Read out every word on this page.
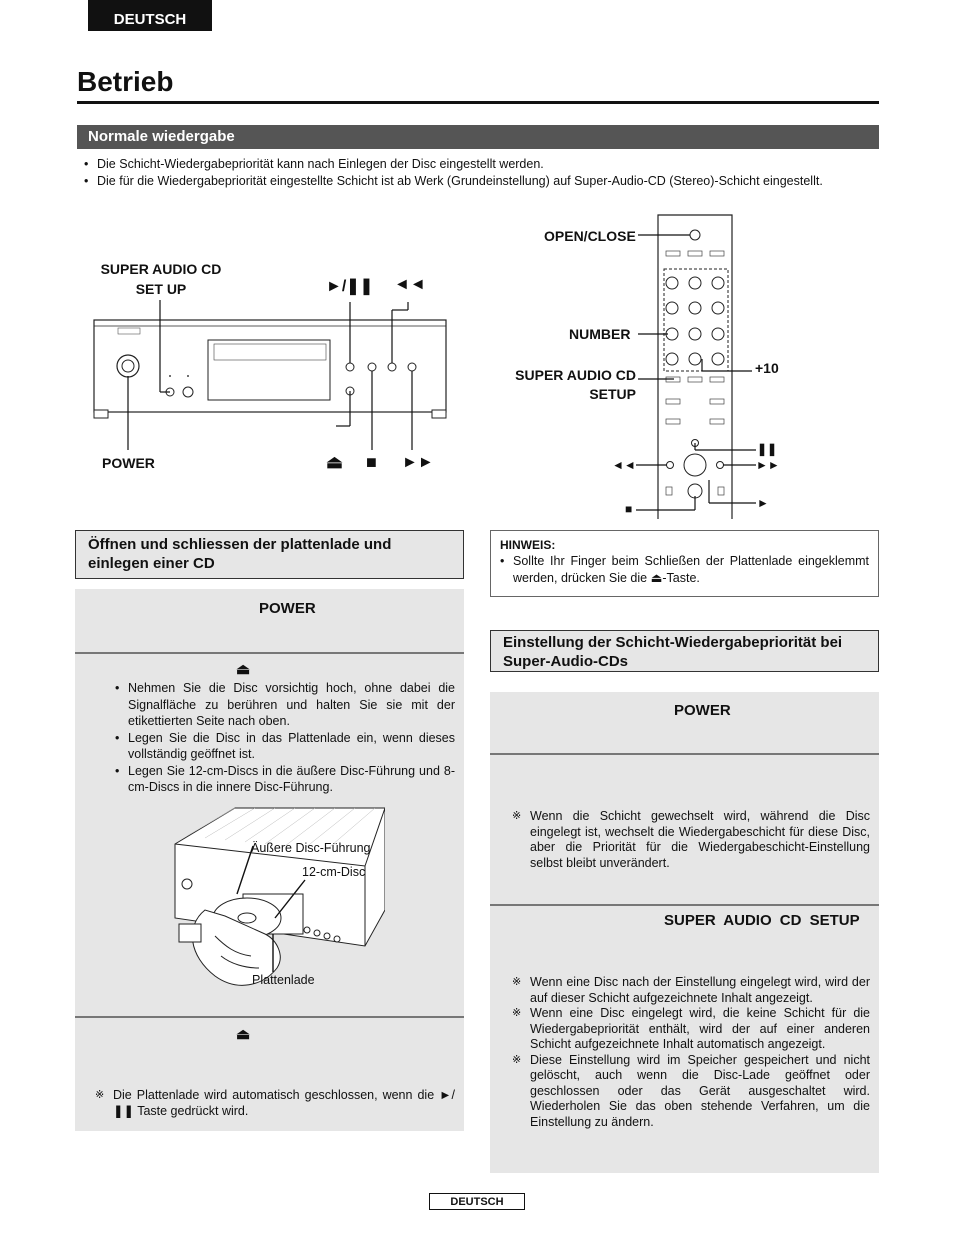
DEUTSCH
Betrieb
Normale wiedergabe
• Die Schicht-Wiedergabepriorität kann nach Einlegen der Disc eingestellt werden.
• Die für die Wiedergabepriorität eingestellte Schicht ist ab Werk (Grundeinstellung) auf Super-Audio-CD (Stereo)-Schicht eingestellt.
SUPER AUDIO CD
SET UP	►/❚❚ ◄◄
POWER	⏏ ■ ►►
OPEN/CLOSE
NUMBER
SUPER AUDIO CD
SETUP
+10
❚❚
◄◄	►►
■	►
Öffnen und schliessen der plattenlade und einlegen einer CD
POWER
⏏
• Nehmen Sie die Disc vorsichtig hoch, ohne dabei die Signalfläche zu berühren und halten Sie sie mit der etikettierten Seite nach oben.
• Legen Sie die Disc in das Plattenlade ein, wenn dieses vollständig geöffnet ist.
• Legen Sie 12-cm-Discs in die äußere Disc-Führung und 8-cm-Discs in die innere Disc-Führung.
Äußere Disc-Führung
12-cm-Disc
Plattenlade
⏏
※ Die Plattenlade wird automatisch geschlossen, wenn die ►/❚❚ Taste gedrückt wird.
HINWEIS:
• Sollte Ihr Finger beim Schließen der Plattenlade eingeklemmt werden, drücken Sie die ⏏-Taste.
Einstellung der Schicht-Wiedergabepriorität bei Super-Audio-CDs
POWER
※ Wenn die Schicht gewechselt wird, während die Disc eingelegt ist, wechselt die Wiedergabeschicht für diese Disc, aber die Priorität für die Wiedergabeschicht-Einstellung selbst bleibt unverändert.
SUPER AUDIO CD SETUP
※ Wenn eine Disc nach der Einstellung eingelegt wird, wird der auf dieser Schicht aufgezeichnete Inhalt angezeigt.
※ Wenn eine Disc eingelegt wird, die keine Schicht für die Wiedergabepriorität enthält, wird der auf einer anderen Schicht aufgezeichnete Inhalt automatisch angezeigt.
※ Diese Einstellung wird im Speicher gespeichert und nicht gelöscht, auch wenn die Disc-Lade geöffnet oder geschlossen oder das Gerät ausgeschaltet wird. Wiederholen Sie das oben stehende Verfahren, um die Einstellung zu ändern.
DEUTSCH
